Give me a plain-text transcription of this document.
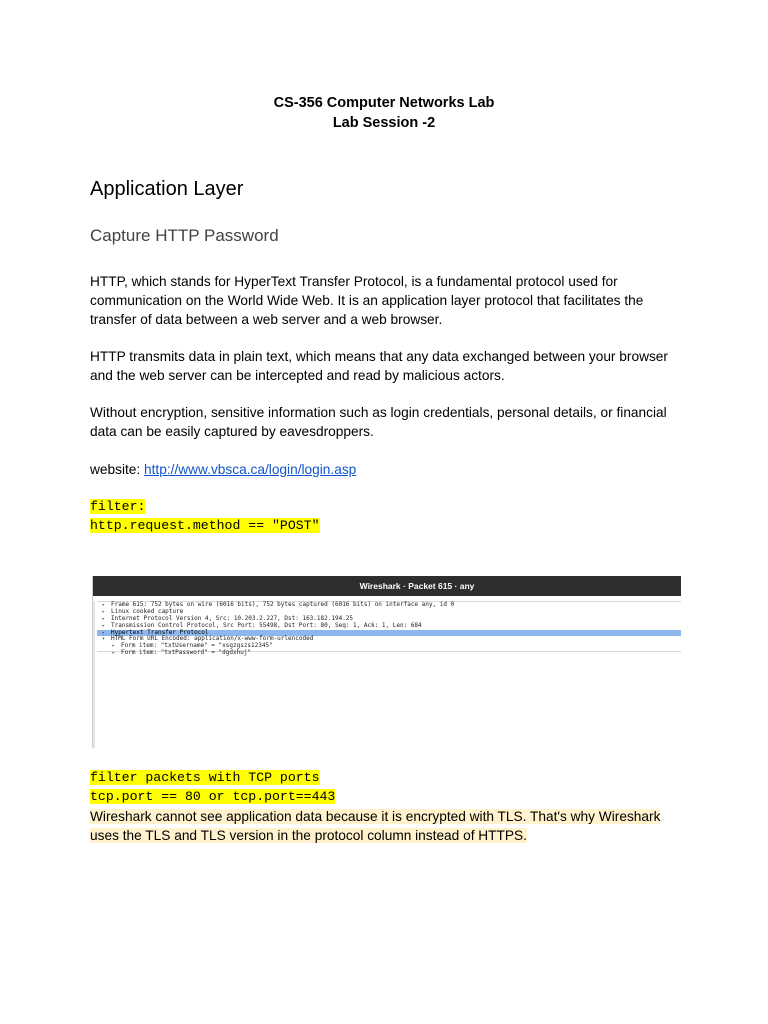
CS-356 Computer Networks Lab
Lab Session -2
Application Layer
Capture HTTP Password

HTTP, which stands for HyperText Transfer Protocol, is a fundamental protocol used for
communication on the World Wide Web. It is an application layer protocol that facilitates the
transfer of data between a web server and a web browser.

HTTP transmits data in plain text, which means that any data exchanged between your browser
and the web server can be intercepted and read by malicious actors.

Without encryption, sensitive information such as login credentials, personal details, or financial
data can be easily captured by eavesdroppers.

website: http://www.vbsca.ca/login/login.asp

filter:
http.request.method == "POST"
Wireshark · Packet 615 · any
▸ Frame 615: 752 bytes on wire (6016 bits), 752 bytes captured (6016 bits) on interface any, id 0
▸ Linux cooked capture
▸ Internet Protocol Version 4, Src: 10.203.2.227, Dst: 163.182.194.25
▸ Transmission Control Protocol, Src Port: 55498, Dst Port: 80, Seq: 1, Ack: 1, Len: 684
▸ Hypertext Transfer Protocol
▾ HTML Form URL Encoded: application/x-www-form-urlencoded
▸ Form item: "txtUsername" = "xsgzgszs12345"
▸ Form item: "txtPassword" = "dgdxhuj"
filter packets with TCP ports
tcp.port == 80 or tcp.port==443
Wireshark cannot see application data because it is encrypted with TLS. That's why Wireshark
uses the TLS and TLS version in the protocol column instead of HTTPS.
